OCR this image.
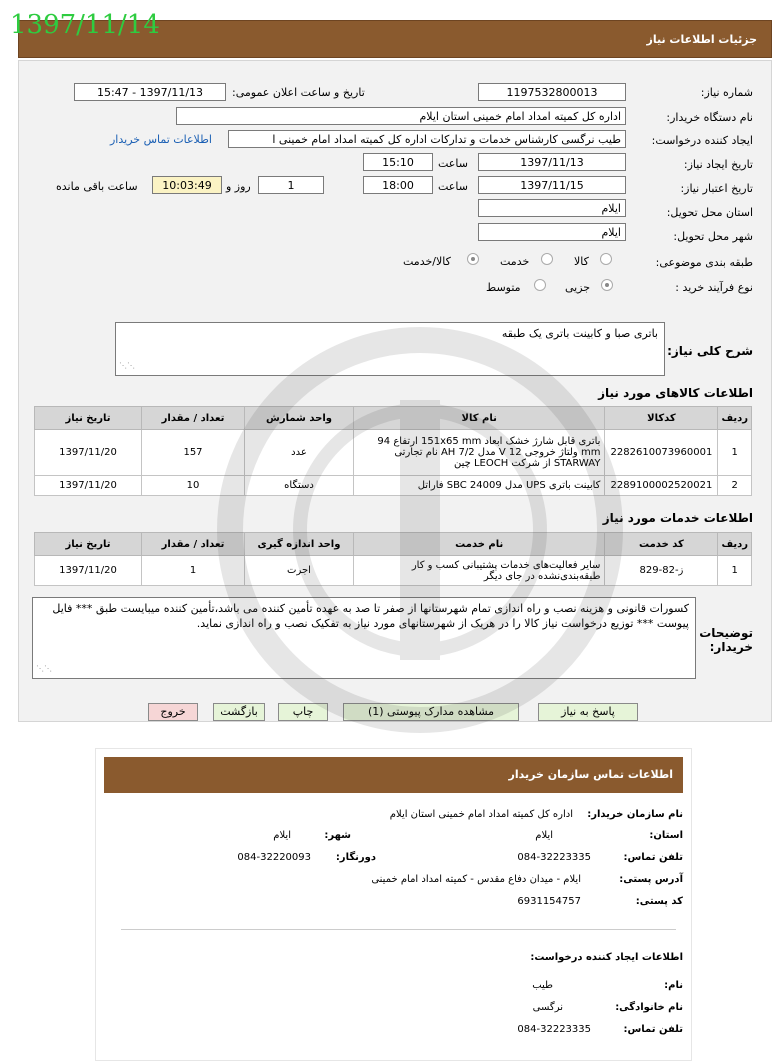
1397/11/14	جزئیات اطلاعات نیاز
شماره نیاز:
1197532800013
تاریخ و ساعت اعلان عمومی:
1397/11/13 - 15:47
نام دستگاه خریدار:
اداره کل کمیته امداد امام خمینی استان ایلام
ایجاد کننده درخواست:
طیب نرگسی کارشناس خدمات و تدارکات اداره کل کمیته امداد امام خمینی ا
اطلاعات تماس خریدار
تاریخ ایجاد نیاز:
1397/11/13
ساعت
15:10
تاریخ اعتبار نیاز:
1397/11/15
ساعت
18:00
1
روز و
10:03:49
ساعت باقی مانده
استان محل تحویل:
ایلام
شهر محل تحویل:
ایلام
طبقه بندی موضوعی:
کالا
خدمت
کالا/خدمت
نوع فرآیند خرید :
جزیی
متوسط
شرح کلی نیاز:
باتری صبا و کابینت باتری یک طبقه
⋰⋰
اطلاعات کالاهای مورد نیاز
ردیف	کدکالا	نام کالا	واحد شمارش	تعداد / مقدار	تاریخ نیاز
1	2282610073960001	باتری قابل شارژ خشک ابعاد 151x65 mm ارتفاع 94 mm ولتاژ خروجی 12 V مدل AH 7/2 نام تجارتی STARWAY از شرکت LEOCH چین	عدد	157	1397/11/20
2	2289100002520021	کابینت باتری UPS مدل SBC 24009 فاراتل	دستگاه	10	1397/11/20
اطلاعات خدمات مورد نیاز
ردیف	کد خدمت	نام خدمت	واحد اندازه گیری	تعداد / مقدار	تاریخ نیاز
1	ز-82-829	سایر فعالیت‌های خدمات پشتیبانی کسب و کار طبقه‌بندی‌نشده در جای دیگر	اجرت	1	1397/11/20
توضیحات خریدار:
کسورات قانونی و هزینه نصب و راه اندازی تمام شهرستانها از صفر تا صد به عهده تأمین کننده می باشد،تأمین کننده میبایست طبق *** فایل پیوست *** توزیع درخواست نیاز کالا را در هریک از شهرستانهای مورد نیاز به تفکیک نصب و راه اندازی نماید.
⋰⋰
پاسخ به نیاز
مشاهده مدارک پیوستی (1)
چاپ
بازگشت
خروج
اطلاعات تماس سازمان خریدار
نام سازمان خریدار:
اداره کل کمیته امداد امام خمینی استان ایلام
استان:
ایلام
شهر:
ایلام
تلفن تماس:
084-32223335
دورنگار:
084-32220093
آدرس پستی:
ایلام - میدان دفاع مقدس - کمیته امداد امام خمینی
کد پستی:
6931154757
اطلاعات ایجاد کننده درخواست:
نام:
طیب
نام خانوادگی:
نرگسی
تلفن تماس:
084-32223335
